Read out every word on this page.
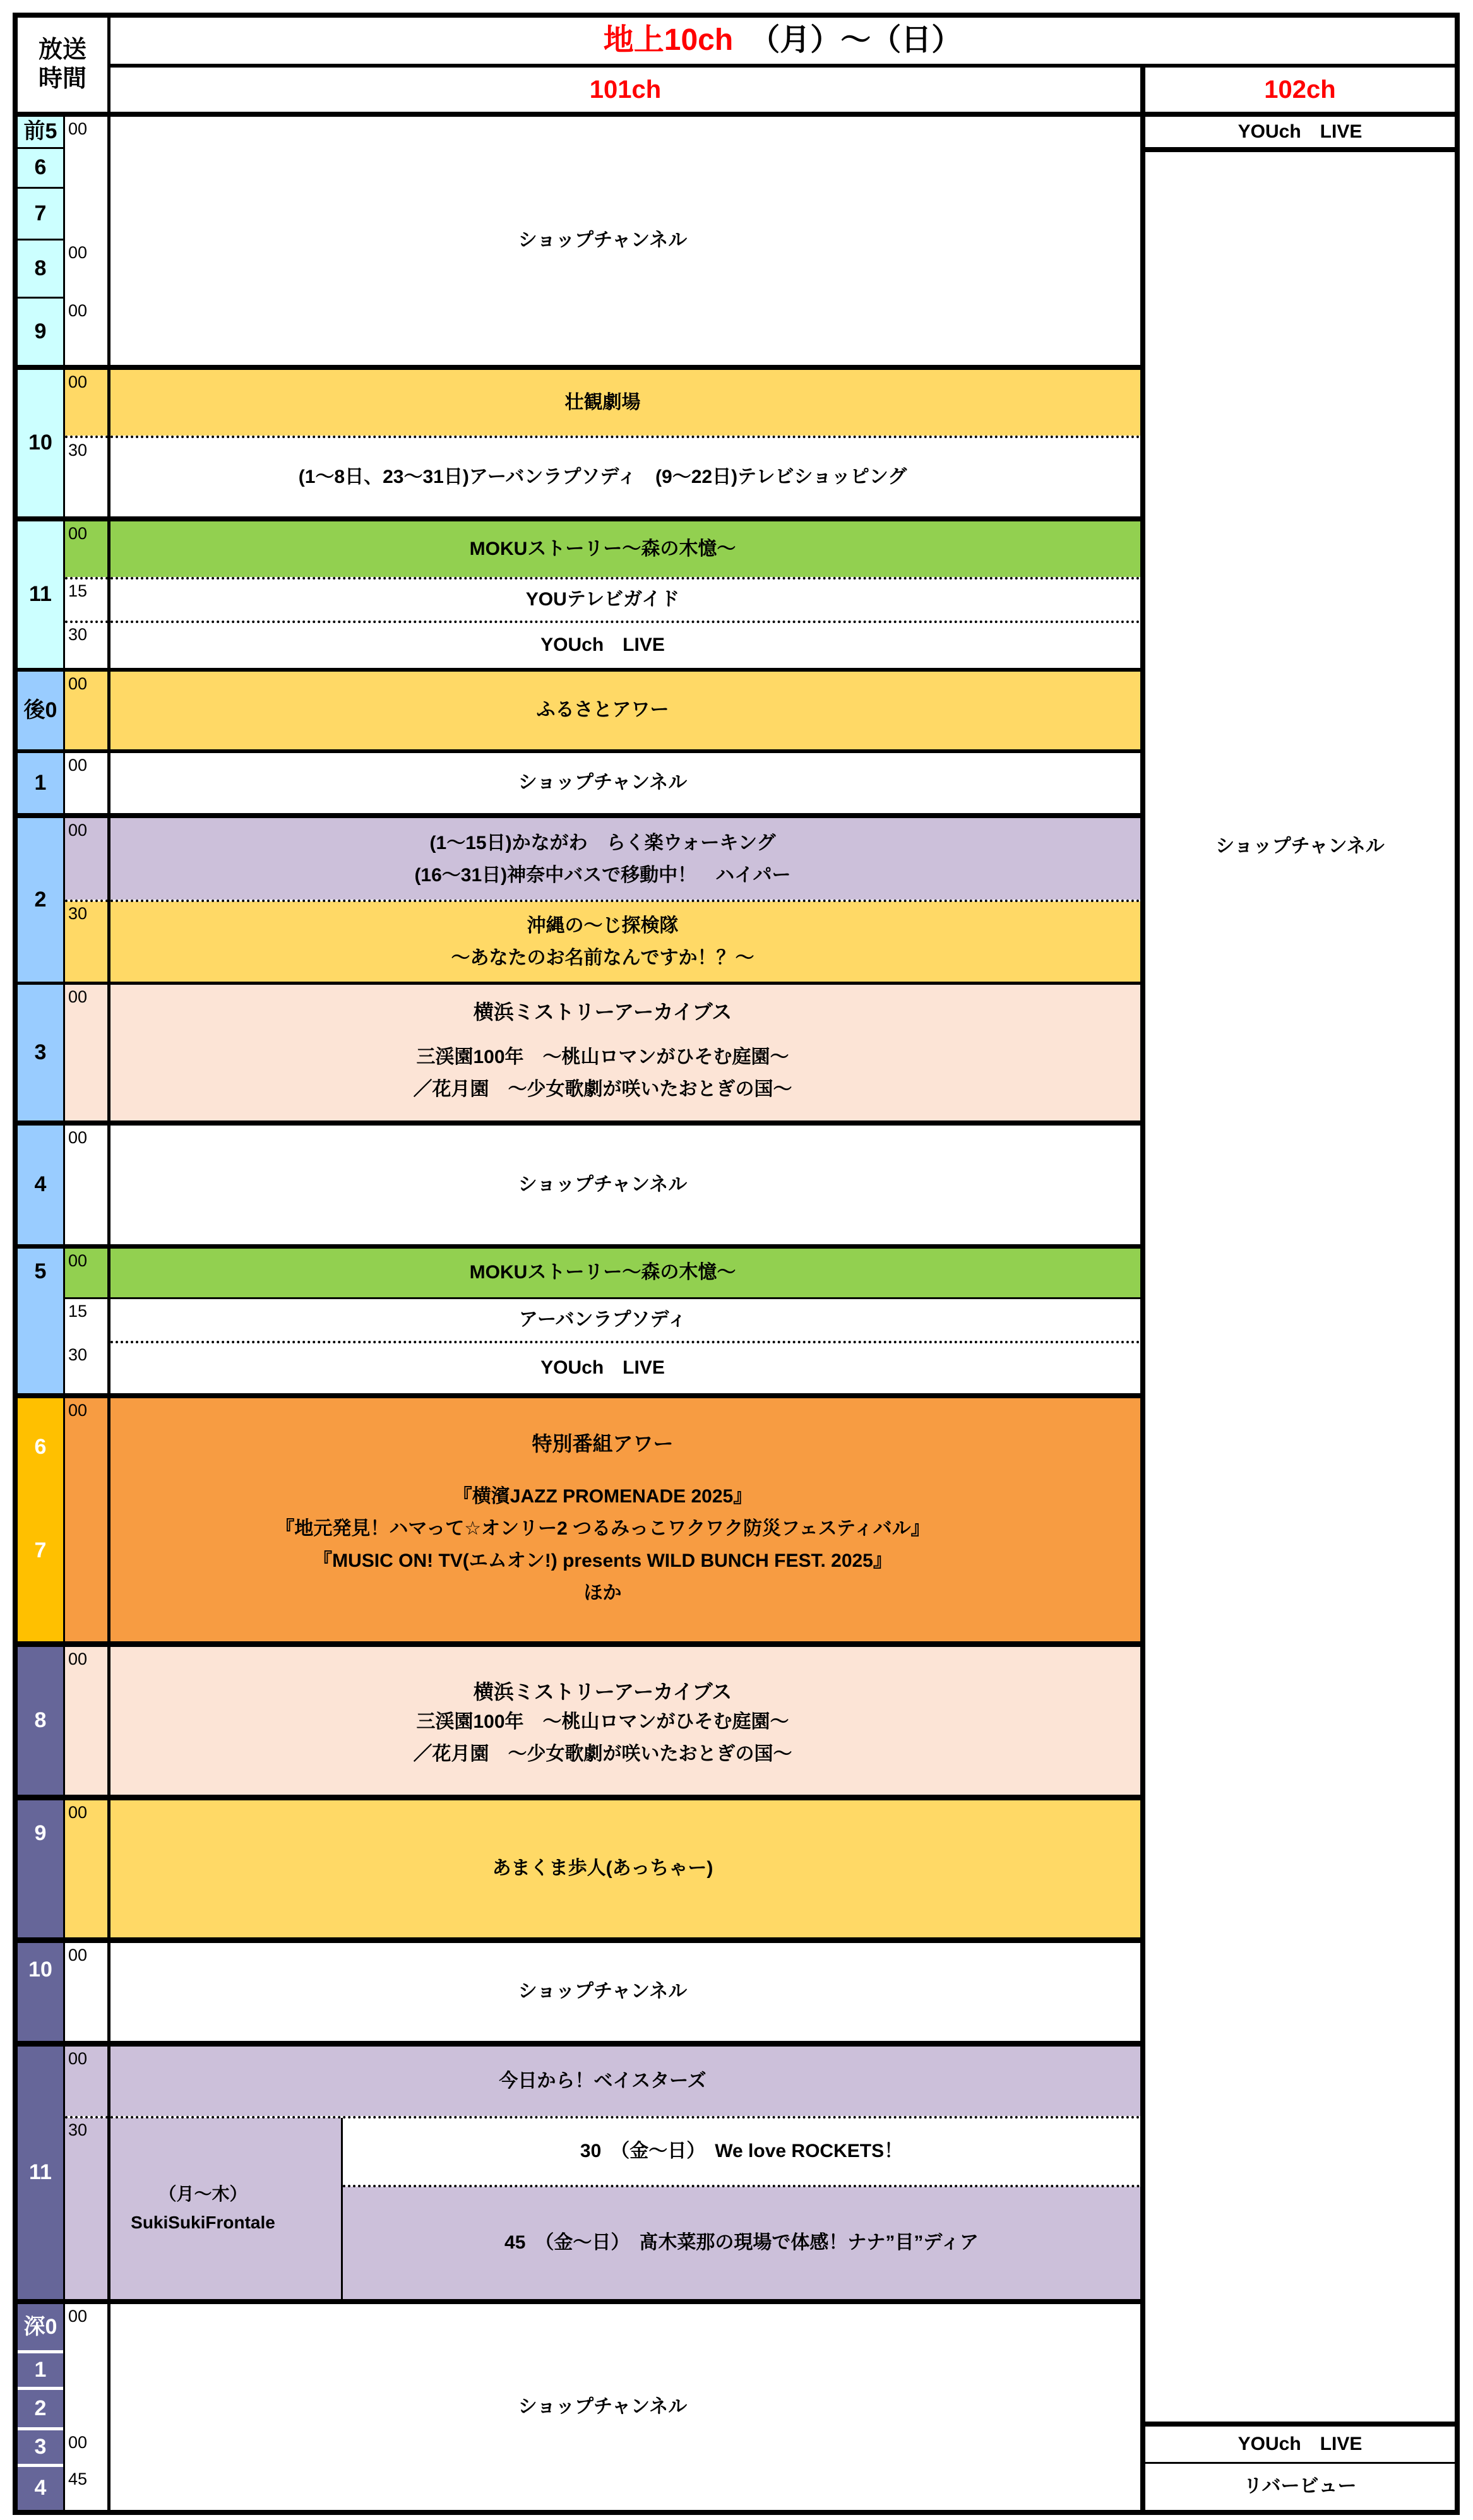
放送
時間
地上10ch （月）～（日）
101ch	102ch
前5
6
7
8
9
10
11
後0
1
2
3
4
5
6
7
8
9
10
11
深0
1
2
3
4
ショップチャンネル
壮観劇場
(1～8日、23～31日)アーバンラプソディ　(9～22日)テレビショッピング
MOKUストーリー～森の木憶～
YOUテレビガイド
YOUch　LIVE
ふるさとアワー
ショップチャンネル
(1～15日)かながわ　らく楽ウォーキング
(16～31日)神奈中バスで移動中！　ハイパー
沖縄の～じ探検隊
～あなたのお名前なんですか！？～
横浜ミストリーアーカイブス
三渓園100年　～桃山ロマンがひそむ庭園～
／花月園　～少女歌劇が咲いたおとぎの国～
ショップチャンネル
MOKUストーリー～森の木憶～
アーバンラプソディ
YOUch　LIVE
特別番組アワー
『横濱JAZZ PROMENADE 2025』
『地元発見！ハマって☆オンリー2 つるみっこワクワク防災フェスティバル』
『MUSIC ON! TV(エムオン!) presents WILD BUNCH FEST. 2025』
ほか
横浜ミストリーアーカイブス
三渓園100年　～桃山ロマンがひそむ庭園～
／花月園　～少女歌劇が咲いたおとぎの国～
あまくま歩人(あっちゃー)
ショップチャンネル
今日から！ベイスターズ
（月～木）
SukiSukiFrontale
30　（金～日）　We love ROCKETS！
45　（金～日）　髙木菜那の現場で体感！ナナ”目”ディア
ショップチャンネル
YOUch　LIVE
ショップチャンネル
YOUch　LIVE
リバービュー
00
00
00
00
30
00
15
30
00
00
00
30
00
00
00
15
30
00
00
00
00
00
30
00
00
45
